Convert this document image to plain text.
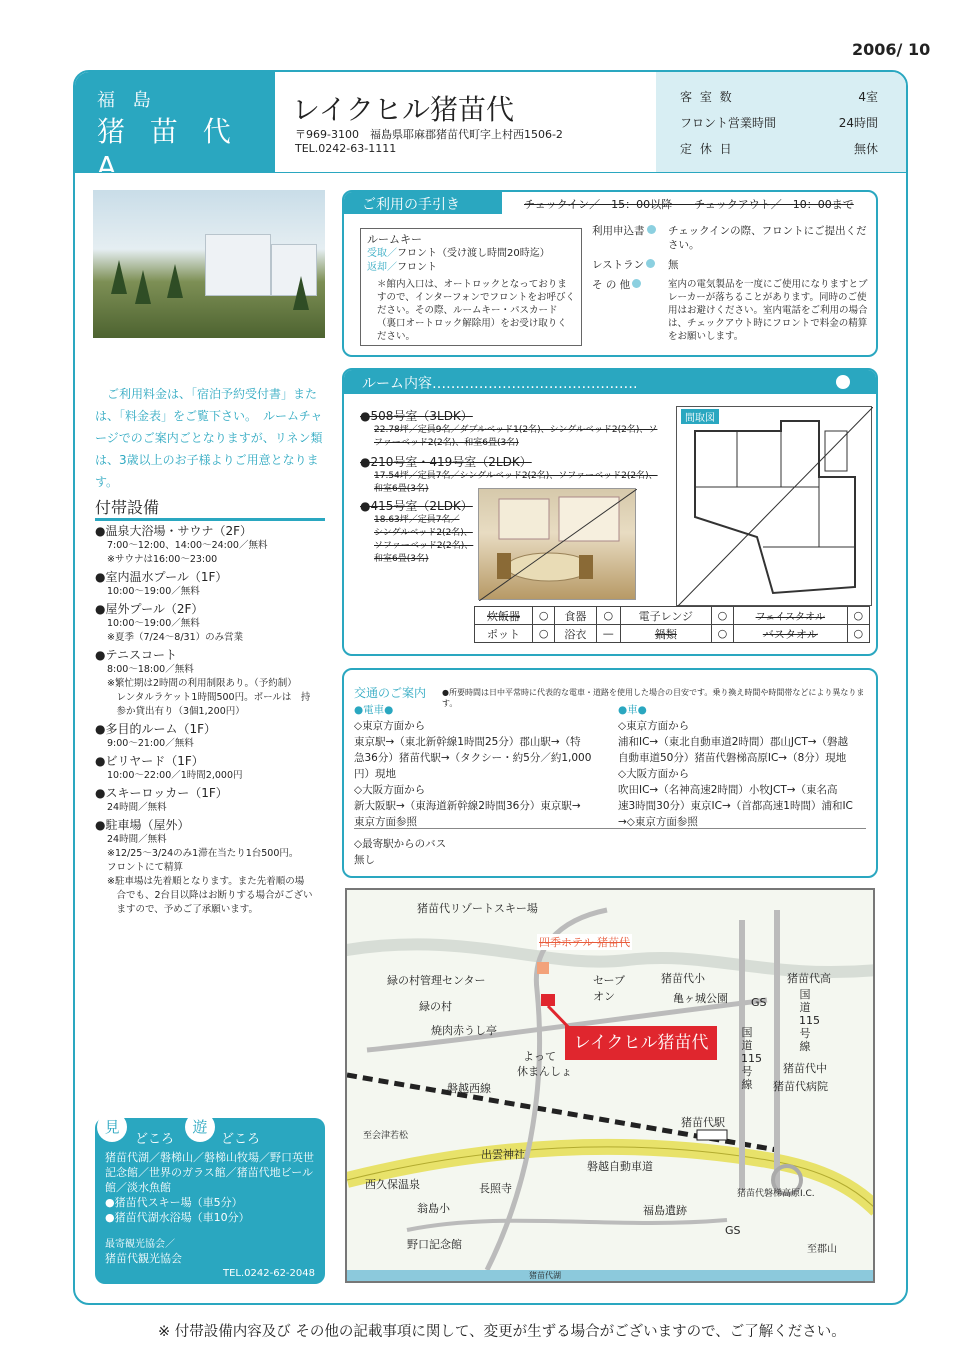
2006/ 10
福 島
猪 苗 代 A
レイクヒル猪苗代
〒969-3100　福島県耶麻郡猪苗代町字上村西1506-2
TEL.0242-63-1111
客 室 数	4室
フロント営業時間	24時間
定 休 日	無休
ご利用料金は、「宿泊予約受付書」または、「料金表」をご覧下さい。　ルームチャージでのご案内ごとなりますが、リネン類は、3歳以上のお子様よりご用意となります。
付帯設備
●温泉大浴場・サウナ（2F）
7:00〜12:00、14:00〜24:00／無料
※サウナは16:00〜23:00
●室内温水プール（1F）
10:00〜19:00／無料
●屋外プール（2F）
10:00〜19:00／無料
※夏季（7/24〜8/31）のみ営業
●テニスコート
8:00〜18:00／無料
※繁忙期は2時間の利用制限あり。（予約制）
　レンタルラケット1時間500円。ボールは　持
　参か貸出有り（3個1,200円）
●多目的ルーム（1F）
9:00〜21:00／無料
●ビリヤード（1F）
10:00〜22:00／1時間2,000円
●スキーロッカー（1F）
24時間／無料
●駐車場（屋外）
24時間／無料
※12/25〜3/24のみ1滞在当たり1台500円。
フロントにて精算
※駐車場は先着順となります。また先着順の場
　合でも、2台目以降はお断りする場合がござい
　ますので、予めご了承願います。
ご利用の手引き	チェックイン／　15：00以降　　チェックアウト／　10：00まで
ルームキー
受取／フロント（受け渡し時間20時迄）
返却／フロント
＊館内入口は、オートロックとなっておりますので、インターフォンでフロントをお呼びください。その際、ルームキー・パスカード（裏口オートロック解除用）をお受け取りください。
利用申込書	チェックインの際、フロントにご提出ください。
レストラン	無
そ の 他	室内の電気製品を一度にご使用になりますとブレーカーが落ちることがあります。同時のご使用はお避けください。室内電話をご利用の場合は、チェックアウト時にフロントで料金の精算をお願いします。
ルーム内容‥‥‥‥‥‥‥‥‥‥‥‥‥‥‥‥‥‥‥‥‥‥
●508号室（3LDK）
22.78坪／定員9名／ダブルベッド1(2名)、シングルベッド2(2名)、ソ
ファーベッド2(2名)、和室6畳(3名)
●210号室・419号室（2LDK）
17.54坪／定員7名／シングルベッド2(2名)、ソファーベッド2(2名)、
和室6畳(3名)
●415号室（2LDK）
18.63坪／定員7名／
シングルベッド2(2名)、
ソファーベッド2(2名)、
和室6畳(3名)
間取図
炊飯器	○	食器	○	電子レンジ	○	フェイスタオル	○
ポット	○	浴衣	—	鍋類	○	バスタオル	○
交通のご案内 ●所要時間は日中平常時に代表的な電車・道路を使用した場合の目安です。乗り換え時間や時間帯などにより異なります。
●電車●
◇東京方面から
東京駅→（東北新幹線1時間25分）郡山駅→（特
急36分）猪苗代駅→（タクシー・約5分／約1,000
円）現地
◇大阪方面から
新大阪駅→（東海道新幹線2時間36分）東京駅→
東京方面参照
●車●
◇東京方面から
浦和IC→（東北自動車道2時間）郡山JCT→（磐越
自動車道50分）猪苗代磐梯高原IC→（8分）現地
◇大阪方面から
吹田IC→（名神高速2時間）小牧JCT→（東名高
速3時間30分）東京IC→（首都高速1時間）浦和IC
→◇東京方面参照
◇最寄駅からのバス
無し
四季ホテル 猪苗代
レイクヒル猪苗代
猪苗代リゾートスキー場
緑の村管理センター
緑の村
焼肉赤うし亭
よって
休まんしょ
セーブ
オン
猪苗代小
亀ヶ城公園
猪苗代高
GS
国道115号線
国道115号線
猪苗代中
猪苗代病院
磐越西線
猪苗代駅
至会津若松
出雲神社
磐越自動車道
西久保温泉	長照寺
翁島小
猪苗代磐梯高原I.C.
福島遺跡
GS
野口記念館	至郡山
猪苗代湖
見
どころ
遊
どころ
猪苗代湖／磐梯山／磐梯山牧場／野口英世記念館／世界のガラス館／猪苗代地ビール館／淡水魚館
●猪苗代スキー場（車5分）
●猪苗代湖水浴場（車10分）
最寄観光協会／
猪苗代観光協会
TEL.0242-62-2048
※ 付帯設備内容及び その他の記載事項に関して、変更が生ずる場合がございますので、ご了解ください。
